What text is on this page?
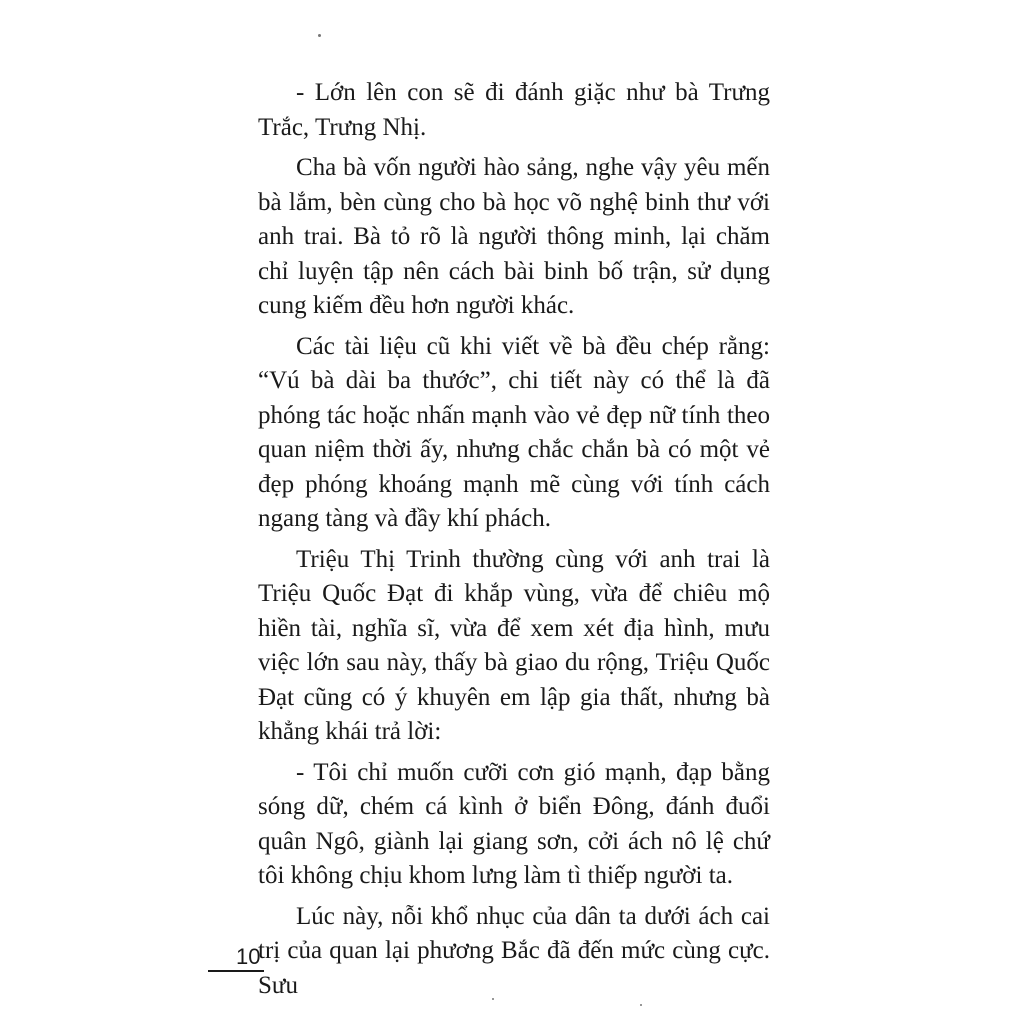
- Lớn lên con sẽ đi đánh giặc như bà Trưng Trắc, Trưng Nhị.

Cha bà vốn người hào sảng, nghe vậy yêu mến bà lắm, bèn cùng cho bà học võ nghệ binh thư với anh trai. Bà tỏ rõ là người thông minh, lại chăm chỉ luyện tập nên cách bài binh bố trận, sử dụng cung kiếm đều hơn người khác.

Các tài liệu cũ khi viết về bà đều chép rằng: “Vú bà dài ba thước”, chi tiết này có thể là đã phóng tác hoặc nhấn mạnh vào vẻ đẹp nữ tính theo quan niệm thời ấy, nhưng chắc chắn bà có một vẻ đẹp phóng khoáng mạnh mẽ cùng với tính cách ngang tàng và đầy khí phách.

Triệu Thị Trinh thường cùng với anh trai là Triệu Quốc Đạt đi khắp vùng, vừa để chiêu mộ hiền tài, nghĩa sĩ, vừa để xem xét địa hình, mưu việc lớn sau này, thấy bà giao du rộng, Triệu Quốc Đạt cũng có ý khuyên em lập gia thất, nhưng bà khẳng khái trả lời:

- Tôi chỉ muốn cưỡi cơn gió mạnh, đạp bằng sóng dữ, chém cá kình ở biển Đông, đánh đuổi quân Ngô, giành lại giang sơn, cởi ách nô lệ chứ tôi không chịu khom lưng làm tì thiếp người ta.

Lúc này, nỗi khổ nhục của dân ta dưới ách cai trị của quan lại phương Bắc đã đến mức cùng cực. Sưu

10
